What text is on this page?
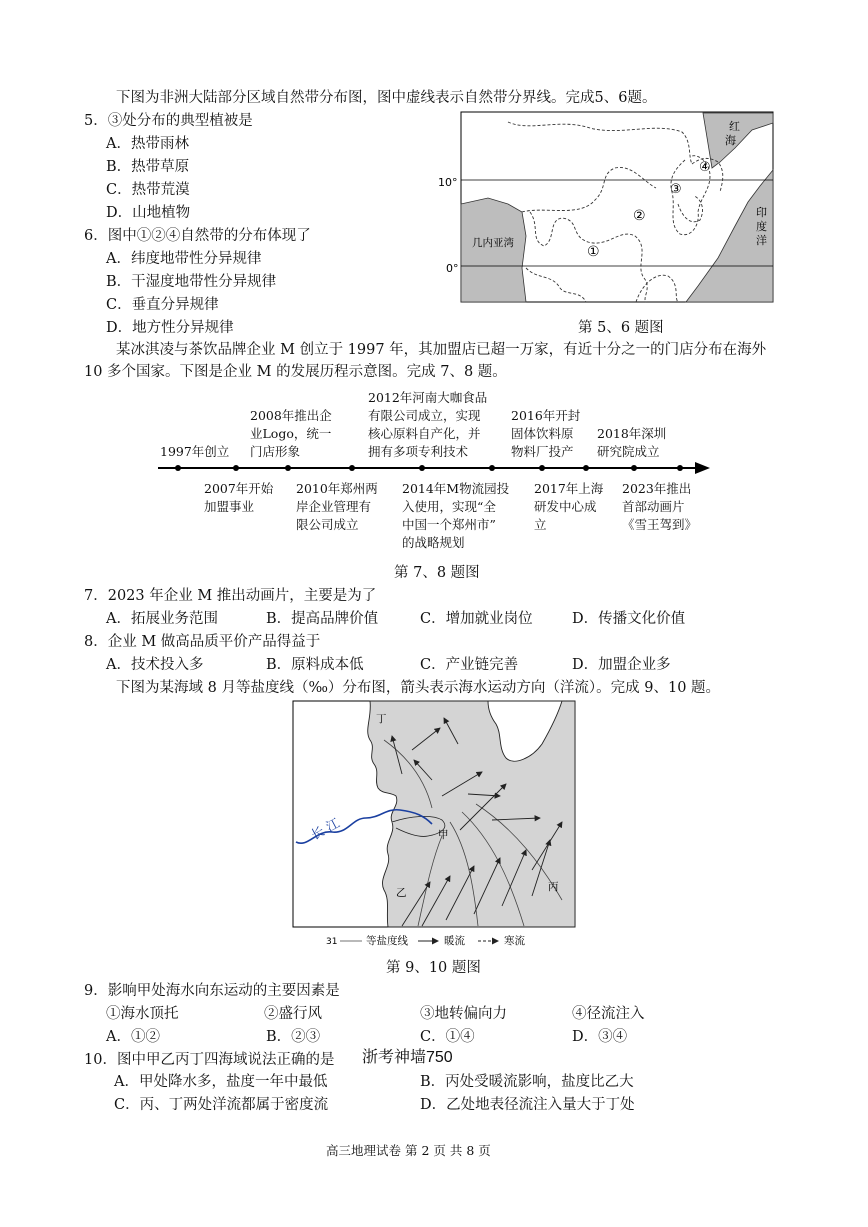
下图为非洲大陆部分区域自然带分布图，图中虚线表示自然带分界线。完成5、6题。
5．③处分布的典型植被是
A．热带雨林
B．热带草原
C．热带荒漠
D．山地植物
6．图中①②④自然带的分布体现了
A．纬度地带性分异规律
B．干湿度地带性分异规律
C．垂直分异规律
D．地方性分异规律
10°
0°
红
海
印
度
洋
几内亚湾
①
②
③
④
第 5、6 题图
某冰淇凌与茶饮品牌企业 M 创立于 1997 年，其加盟店已超一万家，有近十分之一的门店分布在海外
10 多个国家。下图是企业 M 的发展历程示意图。完成 7、8 题。
1997年创立
2008年推出企
业Logo，统一
门店形象
2012年河南大咖食品
有限公司成立，实现
核心原料自产化，并
拥有多项专利技术
2016年开封
固体饮料原
物料厂投产
2018年深圳
研究院成立
2007年开始
加盟事业
2010年郑州两
岸企业管理有
限公司成立
2014年M物流园投
入使用，实现“全
中国一个郑州市”
的战略规划
2017年上海
研发中心成
立
2023年推出
首部动画片
《雪王驾到》
第 7、8 题图
7．2023 年企业 M 推出动画片，主要是为了
A．拓展业务范围	B．提高品牌价值	C．增加就业岗位	D．传播文化价值
8．企业 M 做高品质平价产品得益于
A．技术投入多	B．原料成本低	C．产业链完善	D．加盟企业多
下图为某海域 8 月等盐度线（‰）分布图，箭头表示海水运动方向（洋流）。完成 9、10 题。
长 江
丁
甲
乙	丙
31	等盐度线	暖流	寒流
第 9、10 题图
9．影响甲处海水向东运动的主要因素是
①海水顶托	②盛行风	③地转偏向力	④径流注入
A．①②	B．②③	C．①④	D．③④
10．图中甲乙丙丁四海域说法正确的是 浙考神墙750
A．甲处降水多，盐度一年中最低	B．丙处受暖流影响，盐度比乙大
C．丙、丁两处洋流都属于密度流	D．乙处地表径流注入量大于丁处
高三地理试卷 第 2 页 共 8 页
